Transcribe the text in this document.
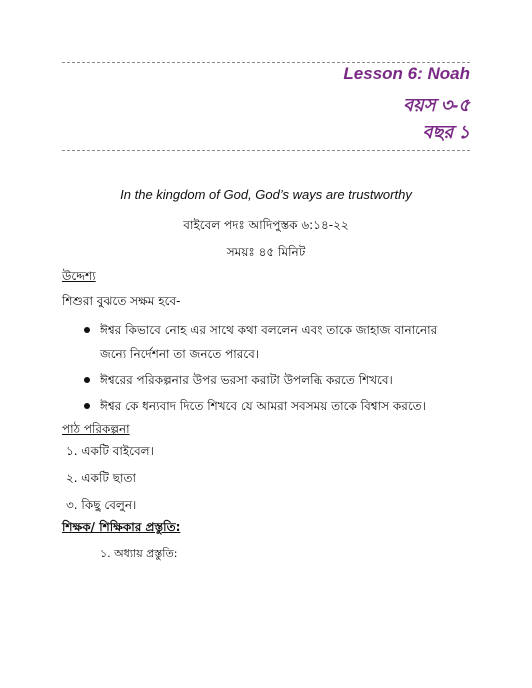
Lesson 6: Noah
বয়স ৩-৫
বছর ১
In the kingdom of God, God’s ways are trustworthy
বাইবেল পদঃ আদিপুস্তক ৬:১৪-২২
সময়ঃ ৪৫ মিনিট
উদ্দেশ্য
শিশুরা বুঝতে সক্ষম হবে-
ঈশ্বর কিভাবে নোহ এর সাথে কথা বললেন এবং তাকে জাহাজ বানানোর
জন্যে নির্দেশনা তা জনতে পারবে।
ঈশ্বরের পরিকল্পনার উপর ভরসা করাটা উপলব্ধি করতে শিখবে।
ঈশ্বর কে ধন্যবাদ দিতে শিখবে যে আমরা সবসময় তাকে বিশ্বাস করতে।
পাঠ পরিকল্পনা
১. একটি বাইবেল।
২. একটি ছাতা
৩. কিছু বেলুন।
শিক্ষক/ শিক্ষিকার প্রস্তুতি:
১. অধ্যায় প্রস্তুতি:
